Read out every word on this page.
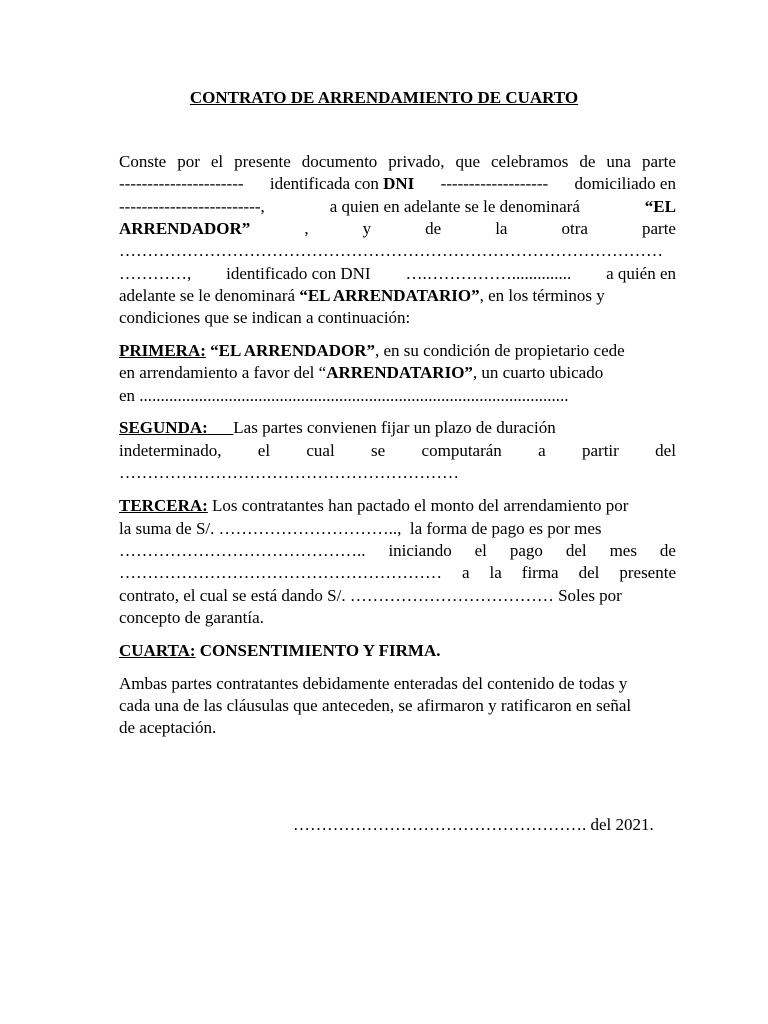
CONTRATO DE ARRENDAMIENTO DE CUARTO
Conste por el presente documento privado, que celebramos de una parte
---------------------- identificada con DNI ------------------- domiciliado en
-------------------------,	a quien en adelante se le denominará	“EL
ARRENDADOR”	,	y	de	la	otra	parte
……………………………………………………………………………………
…………, identificado con DNI ….…………….............. a quién en
adelante se le denominará “EL ARRENDATARIO”, en los términos y
condiciones que se indican a continuación:
PRIMERA: “EL ARRENDADOR”, en su condición de propietario cede
en arrendamiento a favor del “ARRENDATARIO”, un cuarto ubicado
en .....................................................................................................
SEGUNDA: Las partes convienen fijar un plazo de duración
indeterminado, el cual se computarán a partir del
……………………………………………………
TERCERA: Los contratantes han pactado el monto del arrendamiento por
la suma de S/. …………………………..,  la forma de pago es por mes
…………………………………….. iniciando el pago del mes de
………………………………………………… a la firma del presente
contrato, el cual se está dando S/. ……………………………… Soles por
concepto de garantía.
CUARTA: CONSENTIMIENTO Y FIRMA.
Ambas partes contratantes debidamente enteradas del contenido de todas y
cada una de las cláusulas que anteceden, se afirmaron y ratificaron en señal
de aceptación.
……………………………………………. del 2021.
